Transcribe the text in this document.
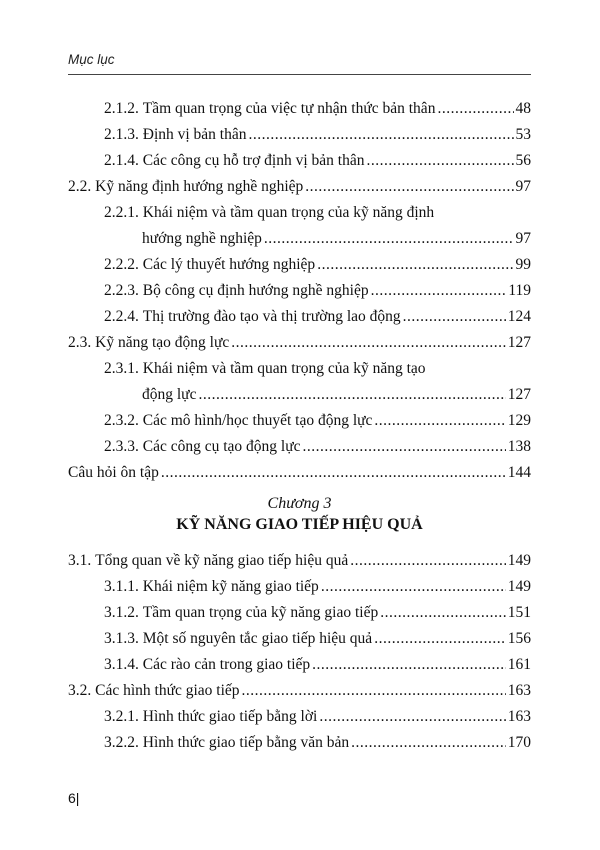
Mục lục
2.1.2. Tầm quan trọng của việc tự nhận thức bản thân .....	48
2.1.3. Định vị bản thân .....	53
2.1.4. Các công cụ hỗ trợ định vị bản thân .....	56
2.2. Kỹ năng định hướng nghề nghiệp .....	97
2.2.1. Khái niệm và tầm quan trọng của kỹ năng định
hướng nghề nghiệp .....	97
2.2.2. Các lý thuyết hướng nghiệp .....	99
2.2.3. Bộ công cụ định hướng nghề nghiệp .....	119
2.2.4. Thị trường đào tạo và thị trường lao động .....	124
2.3. Kỹ năng tạo động lực .....	127
2.3.1. Khái niệm và tầm quan trọng của kỹ năng tạo
động lực .....	127
2.3.2. Các mô hình/học thuyết tạo động lực .....	129
2.3.3. Các công cụ tạo động lực .....	138
Câu hỏi ôn tập .....	144
Chương 3
KỸ NĂNG GIAO TIẾP HIỆU QUẢ
3.1. Tổng quan về kỹ năng giao tiếp hiệu quả .....	149
3.1.1. Khái niệm kỹ năng giao tiếp .....	149
3.1.2. Tầm quan trọng của kỹ năng giao tiếp .....	151
3.1.3. Một số nguyên tắc giao tiếp hiệu quả .....	156
3.1.4. Các rào cản trong giao tiếp .....	161
3.2. Các hình thức giao tiếp .....	163
3.2.1. Hình thức giao tiếp bằng lời .....	163
3.2.2. Hình thức giao tiếp bằng văn bản .....	170
6|
